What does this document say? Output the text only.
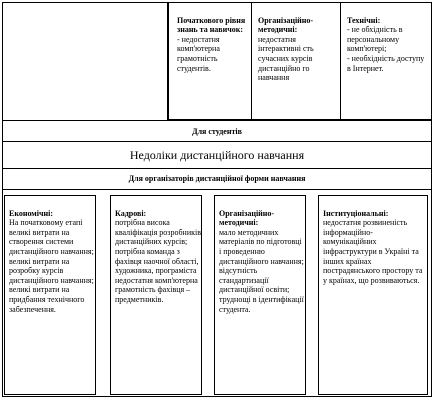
Початкового рівня знань та навичок:
- недостатня комп'ютерна грамотність студентів.

Організаційно-методичні:
недостатня інтерактивні сть сучасних курсів дистанційно го навчання

Технічні:
- не обхідність в персональному комп'ютері;
- необхідність доступу в Інтернет.

Для студентів
Недоліки дистанційного навчання
Для організаторів дистанційної форми навчання

Економічні:
На початковому етапі великі витрати на створення системи дистанційного навчання;
великі витрати на розробку курсів дистанційного навчання;
великі витрати на придбання технічного забезпечення.

Кадрові:
потрібна висока кваліфікація розробників дистанційних курсів;
потрібна команда з фахівця наочної області, художника, програміста
недостатня комп'ютерна грамотність фахівця – предметників.

Організаційно-методичні:
мало методичних матеріалів по підготовці і проведенню дистанційного навчання;
відсутність стандартизації дистанційної освіти;
труднощі в ідентифікації студента.

Інституціональні:
недостатня розвиненість інформаційно-комунікаційних інфраструктури в Україні та інших країнах пострадянського простору та у країнах, що розвиваються.
